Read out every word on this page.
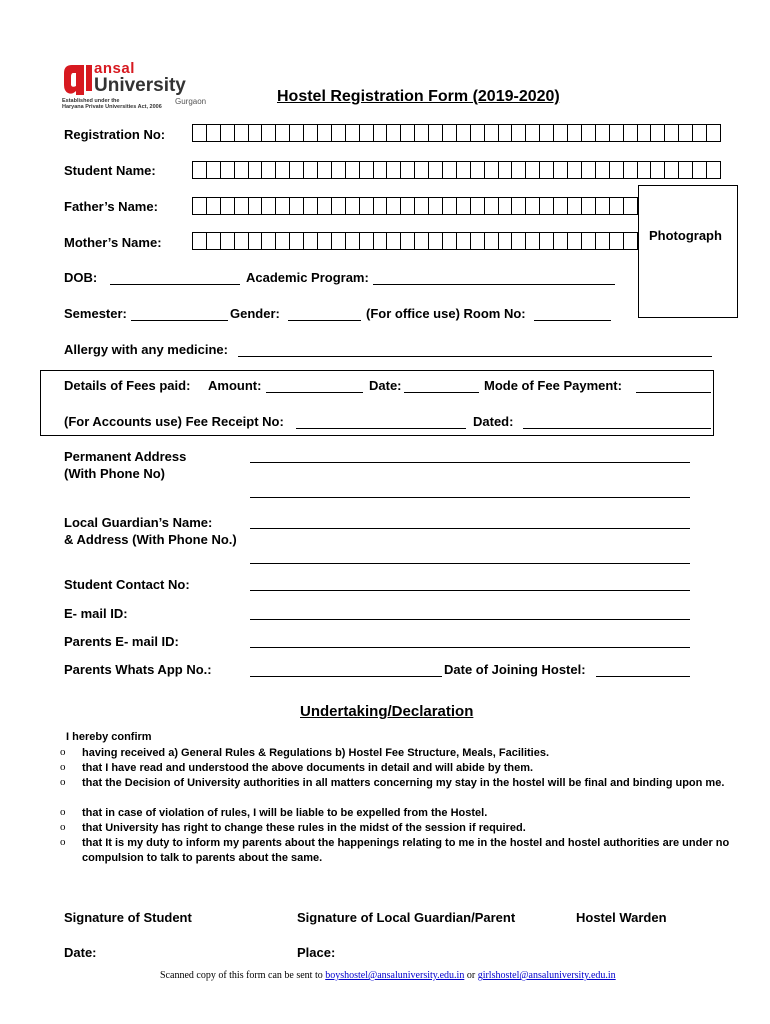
ansal
University
Gurgaon
Established under the
Haryana Private Universities Act, 2006
Hostel Registration Form (2019-2020)
Registration No:
Student Name:
Father’s Name:
Mother’s Name:	Photograph
DOB:	Academic Program:
Semester:	Gender:	(For office use) Room No:
Allergy with any medicine:
Details of Fees paid: Amount:	Date:	Mode of Fee Payment:
(For Accounts use) Fee Receipt No:	Dated:
Permanent Address
(With Phone No)
Local Guardian’s Name:
& Address (With Phone No.)
Student Contact No:
E- mail ID:
Parents E- mail ID:
Parents Whats App No.:	Date of Joining Hostel:
Undertaking/Declaration
I hereby confirm
o having received a) General Rules & Regulations b) Hostel Fee Structure, Meals, Facilities.
o that I have read and understood the above documents in detail and will abide by them.
o that the Decision of University authorities in all matters concerning my stay in the hostel will be final and binding upon me.
o that in case of violation of rules, I will be liable to be expelled from the Hostel.
o that University has right to change these rules in the midst of the session if required.
o that It is my duty to inform my parents about the happenings relating to me in the hostel and hostel authorities are under no compulsion to talk to parents about the same.
Signature of Student	Signature of Local Guardian/Parent	Hostel Warden
Date:	Place:
Scanned copy of this form can be sent to boyshostel@ansaluniversity.edu.in or girlshostel@ansaluniversity.edu.in
